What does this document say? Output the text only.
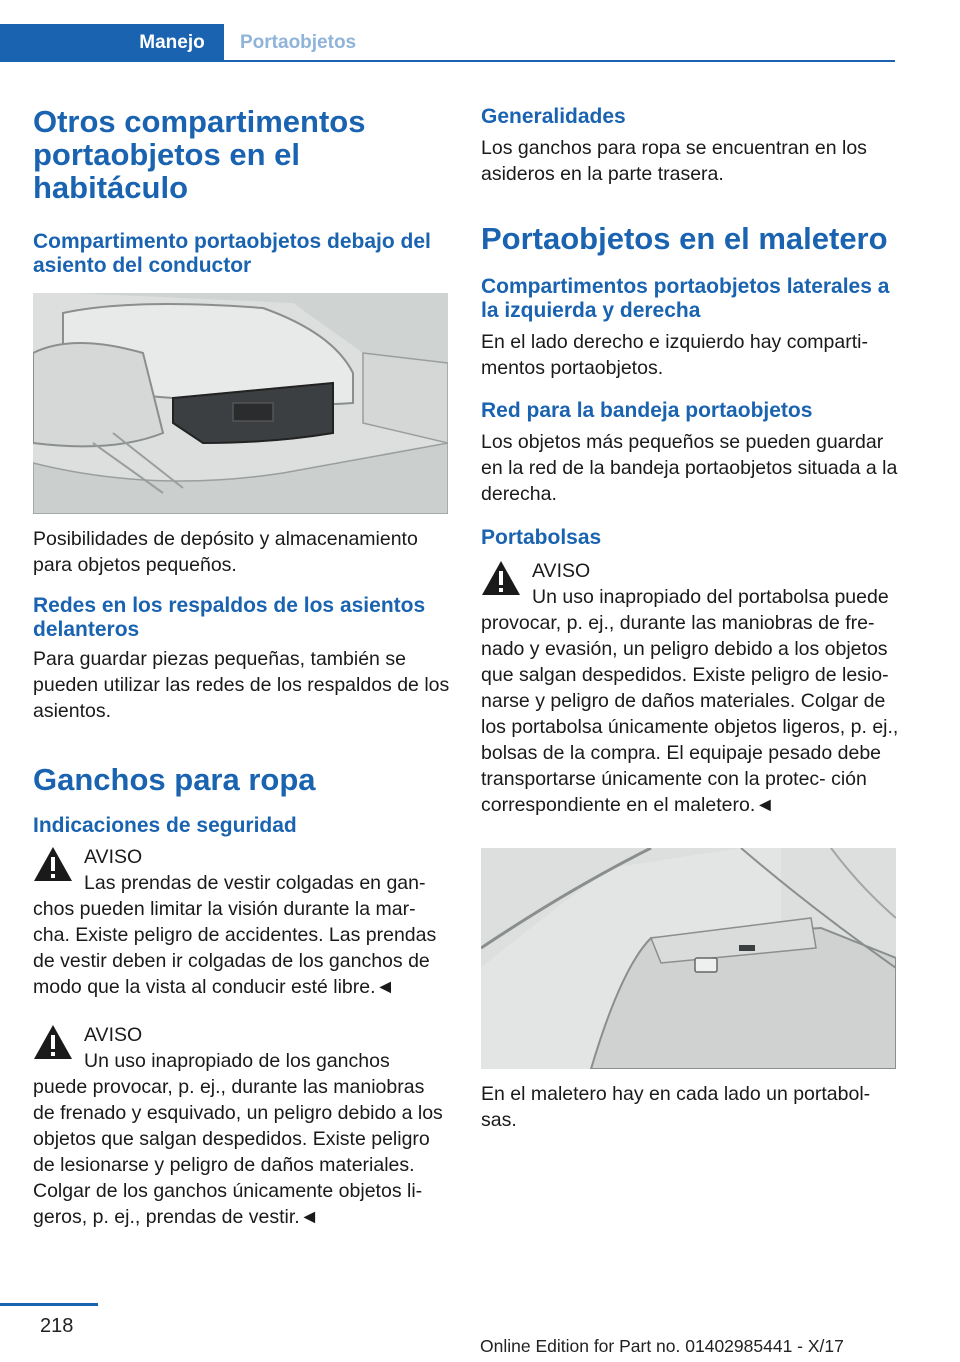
Manejo	Portaobjetos
Otros compartimentos portaobjetos en el habitáculo
Compartimento portaobjetos debajo del asiento del conductor

Posibilidades de depósito y almacenamiento para objetos pequeños.

Redes en los respaldos de los asientos delanteros

Para guardar piezas pequeñas, también se pueden utilizar las redes de los respaldos de los asientos.

Ganchos para ropa
Indicaciones de seguridad

AVISO

Las prendas de vestir colgadas en gan-

chos pueden limitar la visión durante la mar- cha. Existe peligro de accidentes. Las prendas de vestir deben ir colgadas de los ganchos de modo que la vista al conducir esté libre.◄

AVISO

Un uso inapropiado de los ganchos

puede provocar, p. ej., durante las maniobras de frenado y esquivado, un peligro debido a los objetos que salgan despedidos. Existe peligro de lesionarse y peligro de daños materiales. Colgar de los ganchos únicamente objetos li- geros, p. ej., prendas de vestir.◄

Generalidades

Los ganchos para ropa se encuentran en los asideros en la parte trasera.

Portaobjetos en el maletero
Compartimentos portaobjetos laterales a la izquierda y derecha

En el lado derecho e izquierdo hay comparti- mentos portaobjetos.

Red para la bandeja portaobjetos

Los objetos más pequeños se pueden guardar en la red de la bandeja portaobjetos situada a la derecha.

Portabolsas

AVISO

Un uso inapropiado del portabolsa puede

provocar, p. ej., durante las maniobras de fre- nado y evasión, un peligro debido a los objetos que salgan despedidos. Existe peligro de lesio- narse y peligro de daños materiales. Colgar de los portabolsa únicamente objetos ligeros, p. ej., bolsas de la compra. El equipaje pesado debe transportarse únicamente con la protec- ción correspondiente en el maletero.◄

En el maletero hay en cada lado un portabol- sas.

218
Online Edition for Part no. 01402985441 - X/17
